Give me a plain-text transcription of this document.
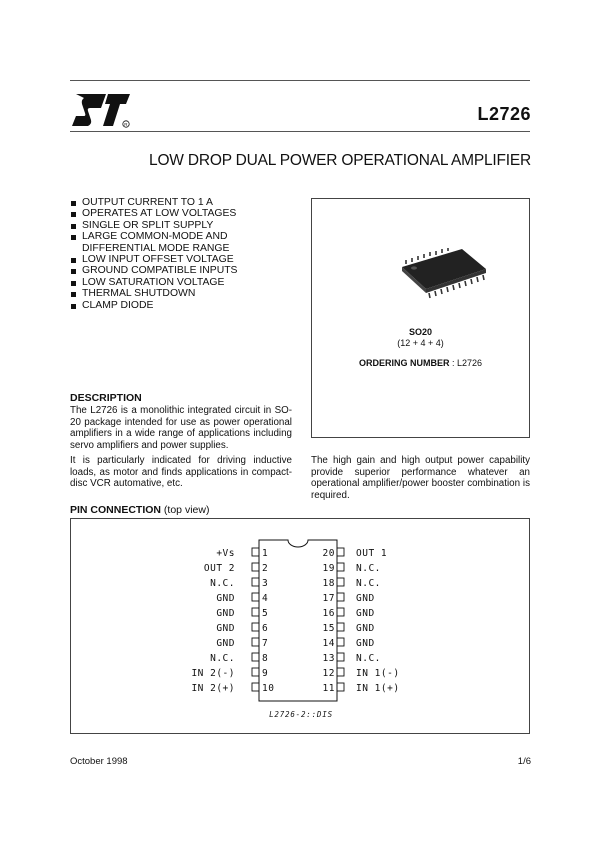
R
L2726
LOW DROP DUAL POWER OPERATIONAL AMPLIFIER
OUTPUT CURRENT TO 1 A
OPERATES AT LOW VOLTAGES
SINGLE OR SPLIT SUPPLY
LARGE COMMON-MODE AND DIFFERENTIAL MODE RANGE
LOW INPUT OFFSET VOLTAGE
GROUND COMPATIBLE INPUTS
LOW SATURATION VOLTAGE
THERMAL SHUTDOWN
CLAMP DIODE
SO20
(12 + 4 + 4)
ORDERING NUMBER : L2726
DESCRIPTION
The L2726 is a monolithic integrated circuit in SO-20 package intended for use as power operational amplifiers in a wide range of applications including servo amplifiers and power supplies.
It is particularly indicated for driving inductive loads, as motor and finds applications in compact-disc VCR automative, etc.
The high gain and high output power capability provide superior performance whatever an operational amplifier/power booster combination is required.
PIN CONNECTION (top view)
+Vs
OUT 2
N.C.
GND
GND
GND
GND
N.C.
IN 2(-)
IN 2(+)
1
2
3
4
5
6
7
8
9
10
20
19
18
17
16
15
14
13
12
11
OUT 1
N.C.
N.C.
GND
GND
GND
GND
N.C.
IN 1(-)
IN 1(+)
L2726-2::DIS
October 1998	1/6
